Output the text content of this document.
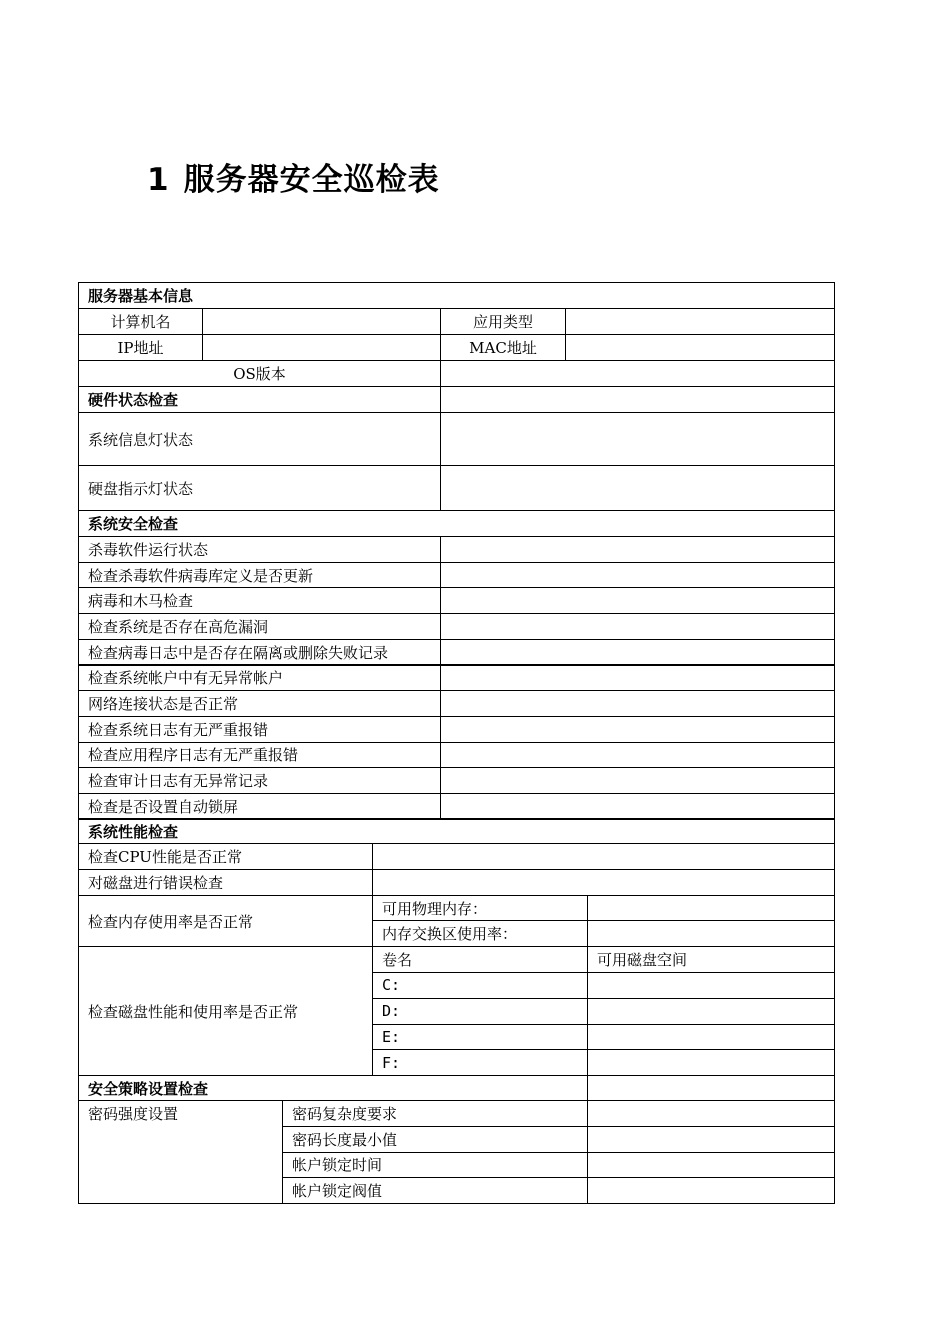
1 服务器安全巡检表
服务器基本信息
计算机名	应用类型
IP地址	MAC地址
OS版本
硬件状态检查
系统信息灯状态
硬盘指示灯状态
系统安全检查
杀毒软件运行状态
检查杀毒软件病毒库定义是否更新
病毒和木马检查
检查系统是否存在高危漏洞
检查病毒日志中是否存在隔离或删除失败记录
检查系统帐户中有无异常帐户
网络连接状态是否正常
检查系统日志有无严重报错
检查应用程序日志有无严重报错
检查审计日志有无异常记录
检查是否设置自动锁屏
系统性能检查
检查CPU性能是否正常
对磁盘进行错误检查
检查内存使用率是否正常
可用物理内存：
内存交换区使用率：
检查磁盘性能和使用率是否正常
卷名	可用磁盘空间
C:
D:
E:
F:
安全策略设置检查
密码强度设置	密码复杂度要求
密码长度最小值
帐户锁定时间
帐户锁定阀值
